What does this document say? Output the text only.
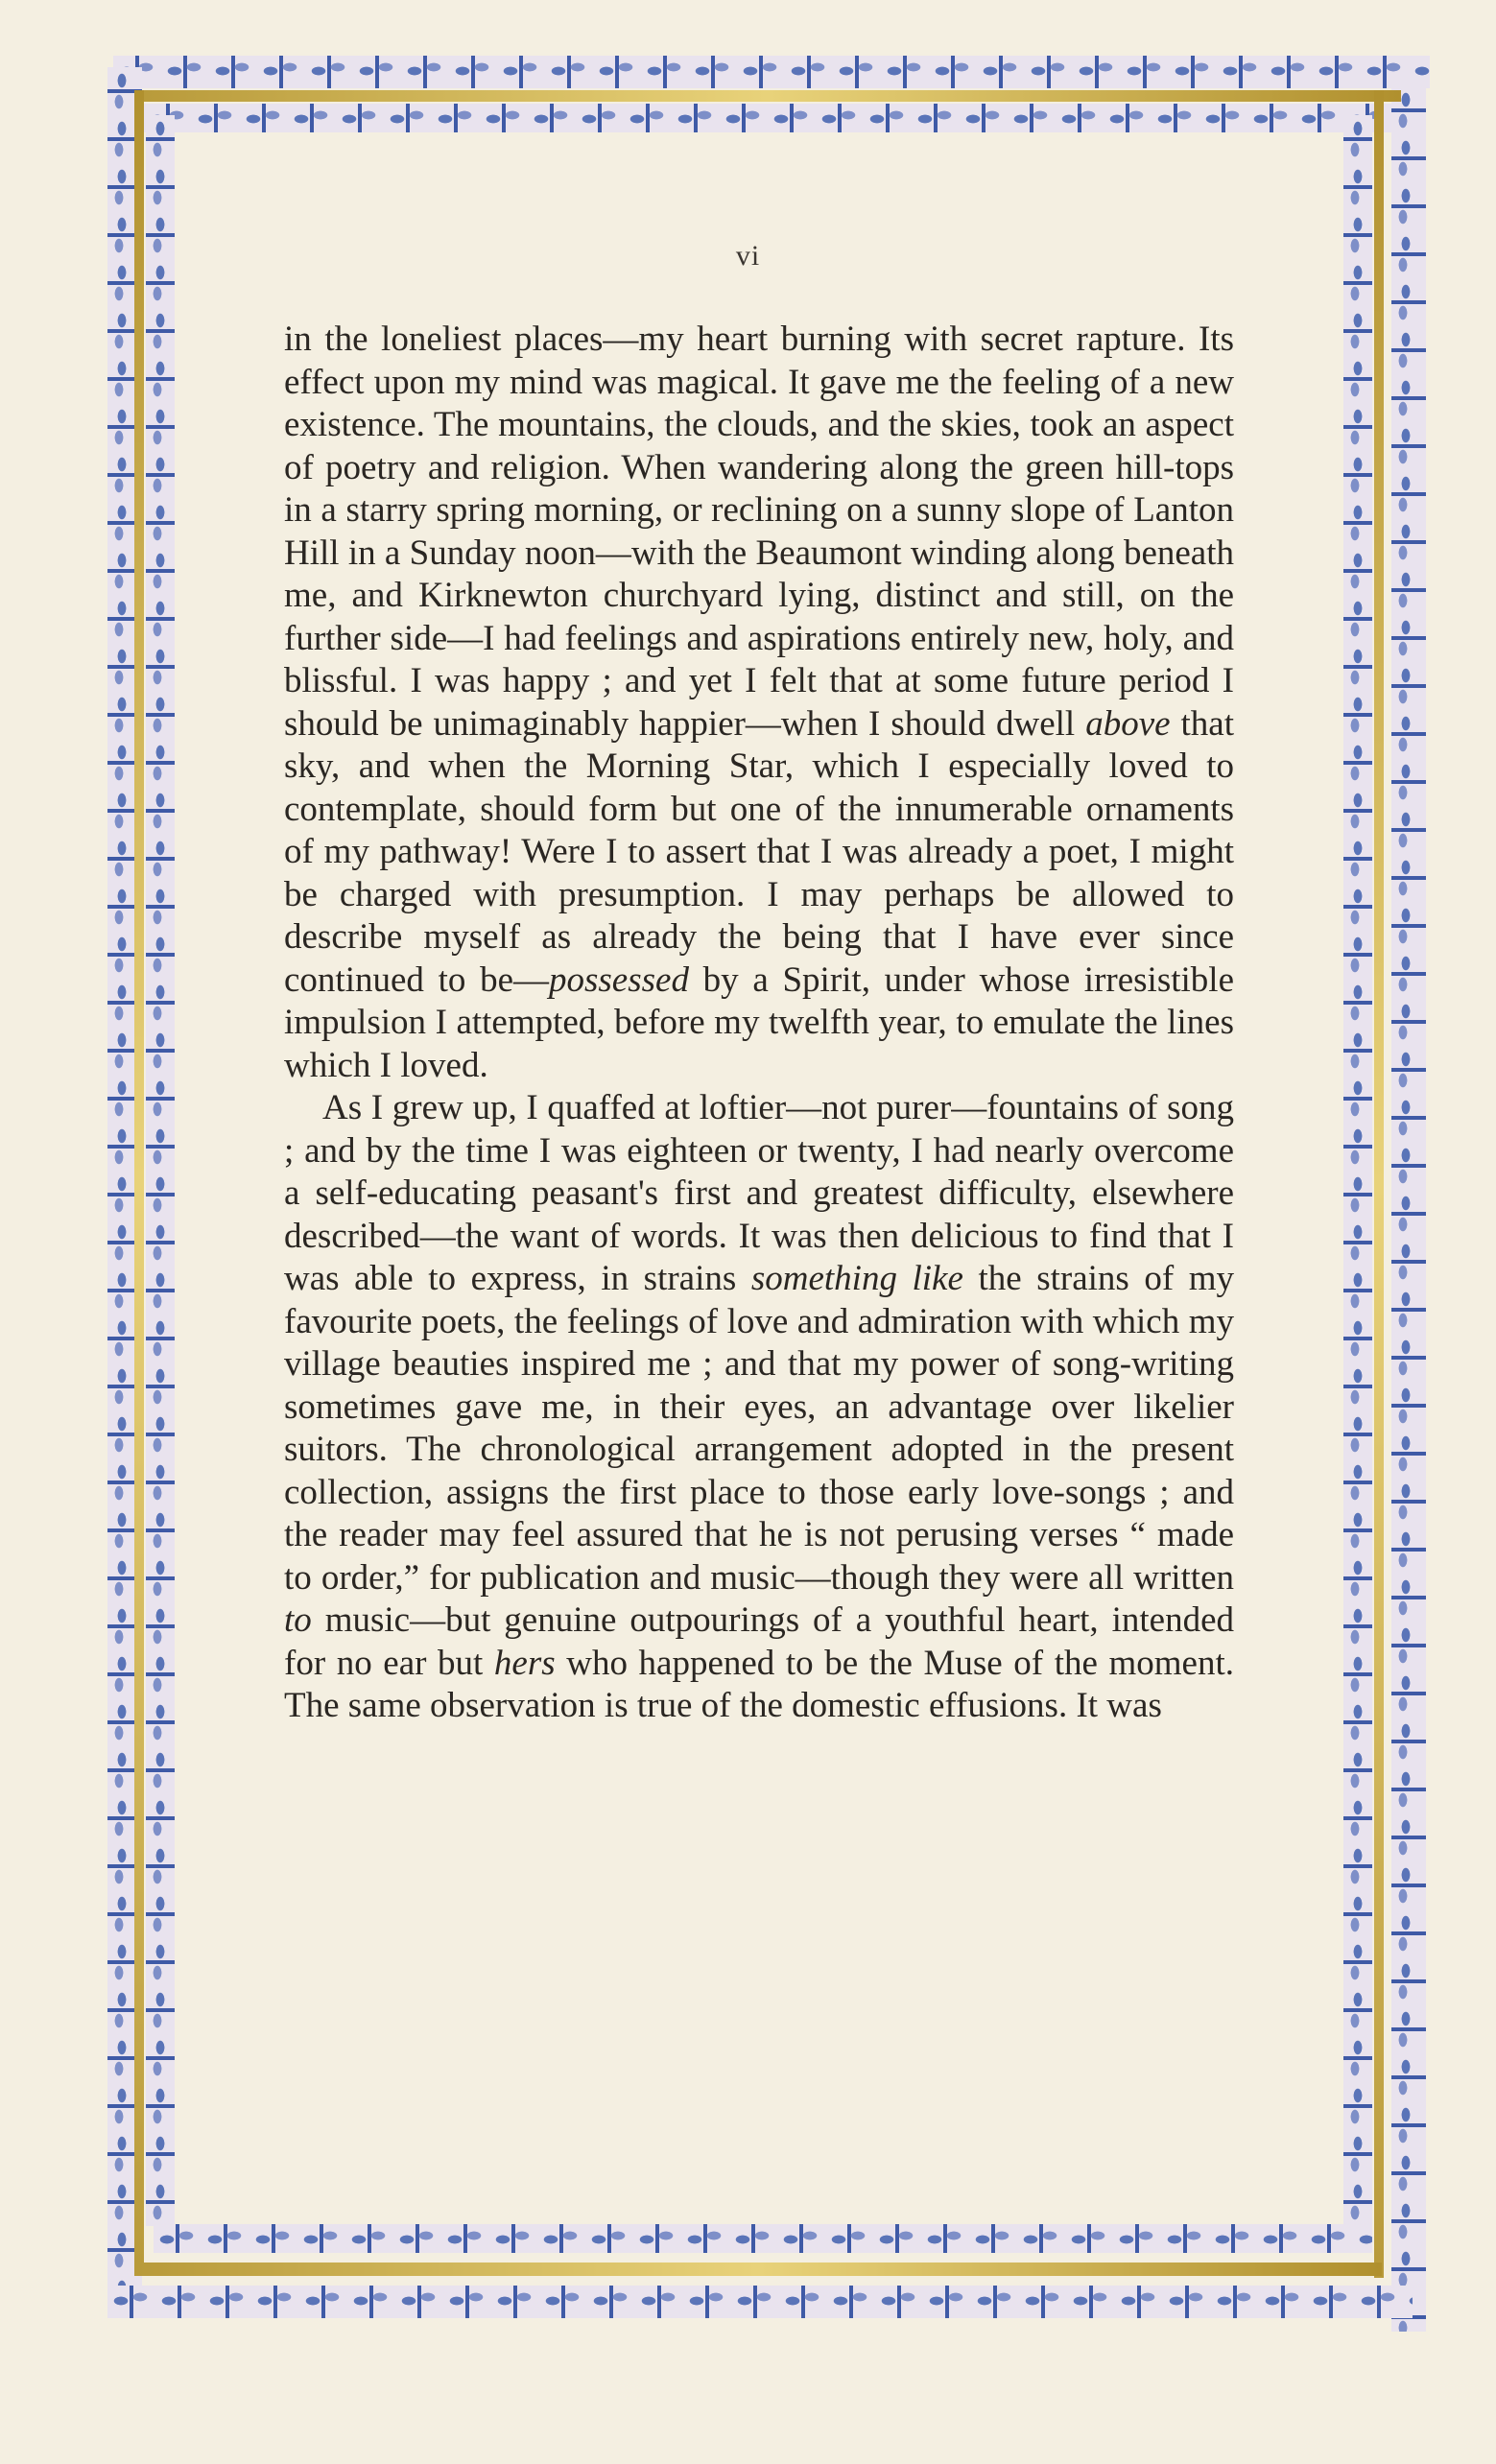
vi

in the loneliest places—my heart burning with secret rapture. Its effect upon my mind was magical. It gave me the feeling of a new existence. The mountains, the clouds, and the skies, took an aspect of poetry and religion. When wandering along the green hill-tops in a starry spring morning, or reclining on a sunny slope of Lanton Hill in a Sunday noon—with the Beaumont winding along beneath me, and Kirknewton churchyard lying, distinct and still, on the further side—I had feelings and aspirations entirely new, holy, and blissful. I was happy ; and yet I felt that at some future period I should be unimaginably happier—when I should dwell above that sky, and when the Morning Star, which I especially loved to contemplate, should form but one of the innumerable ornaments of my pathway! Were I to assert that I was already a poet, I might be charged with presumption. I may perhaps be allowed to describe myself as already the being that I have ever since continued to be—possessed by a Spirit, under whose irresistible impulsion I attempted, before my twelfth year, to emulate the lines which I loved.

As I grew up, I quaffed at loftier—not purer—fountains of song ; and by the time I was eighteen or twenty, I had nearly overcome a self-educating peasant's first and greatest difficulty, elsewhere described—the want of words. It was then delicious to find that I was able to express, in strains something like the strains of my favourite poets, the feelings of love and admiration with which my village beauties inspired me ; and that my power of song-writing sometimes gave me, in their eyes, an advantage over likelier suitors. The chronological arrangement adopted in the present collection, assigns the first place to those early love-songs ; and the reader may feel assured that he is not perusing verses “ made to order,” for publication and music—though they were all written to music—but genuine outpourings of a youthful heart, intended for no ear but hers who happened to be the Muse of the moment. The same observation is true of the domestic effusions. It was
